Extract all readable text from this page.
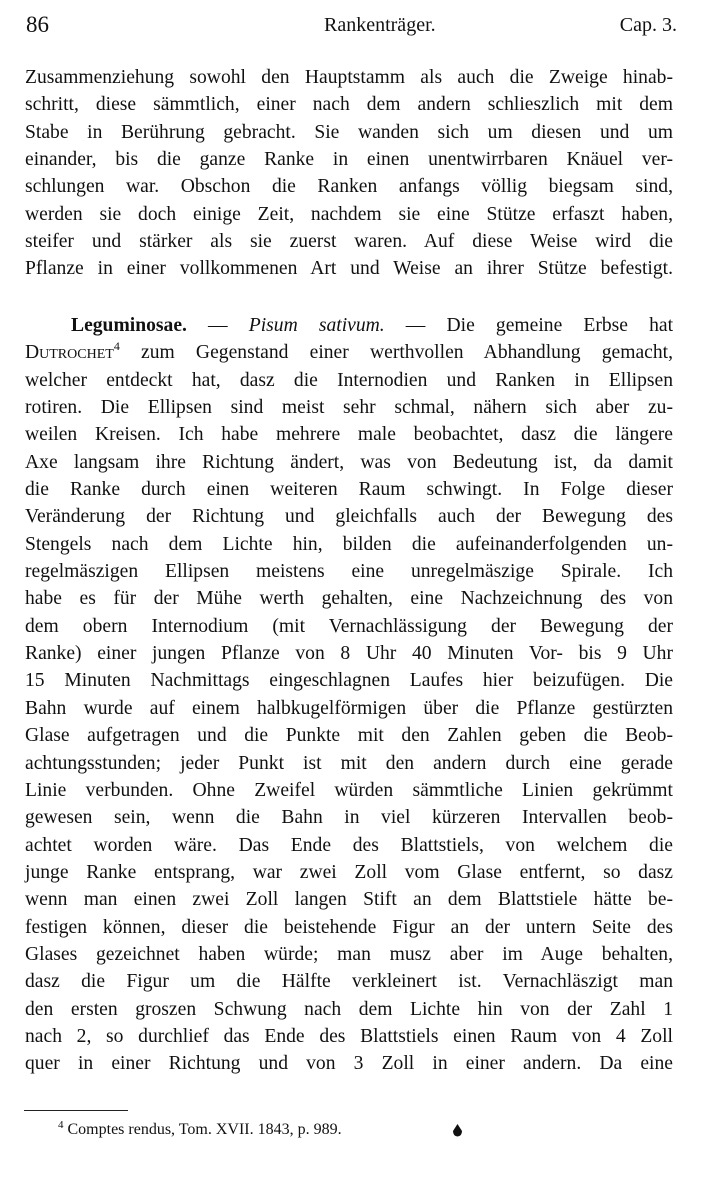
86	Rankenträger.	Cap. 3.
Zusammenziehung sowohl den Hauptstamm als auch die Zweige hinab-
schritt, diese sämmtlich, einer nach dem andern schlieszlich mit dem
Stabe in Berührung gebracht. Sie wanden sich um diesen und um
einander, bis die ganze Ranke in einen unentwirrbaren Knäuel ver-
schlungen war. Obschon die Ranken anfangs völlig biegsam sind,
werden sie doch einige Zeit, nachdem sie eine Stütze erfaszt haben,
steifer und stärker als sie zuerst waren. Auf diese Weise wird die
Pflanze in einer vollkommenen Art und Weise an ihrer Stütze befestigt.
Leguminosae. — Pisum sativum. — Die gemeine Erbse hat
Dutrochet$^4$ zum Gegenstand einer werthvollen Abhandlung gemacht,
welcher entdeckt hat, dasz die Internodien und Ranken in Ellipsen
rotiren. Die Ellipsen sind meist sehr schmal, nähern sich aber zu-
weilen Kreisen. Ich habe mehrere male beobachtet, dasz die längere
Axe langsam ihre Richtung ändert, was von Bedeutung ist, da damit
die Ranke durch einen weiteren Raum schwingt. In Folge dieser
Veränderung der Richtung und gleichfalls auch der Bewegung des
Stengels nach dem Lichte hin, bilden die aufeinanderfolgenden un-
regelmäszigen Ellipsen meistens eine unregelmäszige Spirale. Ich
habe es für der Mühe werth gehalten, eine Nachzeichnung des von
dem obern Internodium (mit Vernachlässigung der Bewegung der
Ranke) einer jungen Pflanze von 8 Uhr 40 Minuten Vor- bis 9 Uhr
15 Minuten Nachmittags eingeschlagnen Laufes hier beizufügen. Die
Bahn wurde auf einem halbkugelförmigen über die Pflanze gestürzten
Glase aufgetragen und die Punkte mit den Zahlen geben die Beob-
achtungsstunden; jeder Punkt ist mit den andern durch eine gerade
Linie verbunden. Ohne Zweifel würden sämmtliche Linien gekrümmt
gewesen sein, wenn die Bahn in viel kürzeren Intervallen beob-
achtet worden wäre. Das Ende des Blattstiels, von welchem die
junge Ranke entsprang, war zwei Zoll vom Glase entfernt, so dasz
wenn man einen zwei Zoll langen Stift an dem Blattstiele hätte be-
festigen können, dieser die beistehende Figur an der untern Seite des
Glases gezeichnet haben würde; man musz aber im Auge behalten,
dasz die Figur um die Hälfte verkleinert ist. Vernachläszigt man
den ersten groszen Schwung nach dem Lichte hin von der Zahl 1
nach 2, so durchlief das Ende des Blattstiels einen Raum von 4 Zoll
quer in einer Richtung und von 3 Zoll in einer andern. Da eine
$^4$ Comptes rendus, Tom. XVII. 1843, p. 989.
